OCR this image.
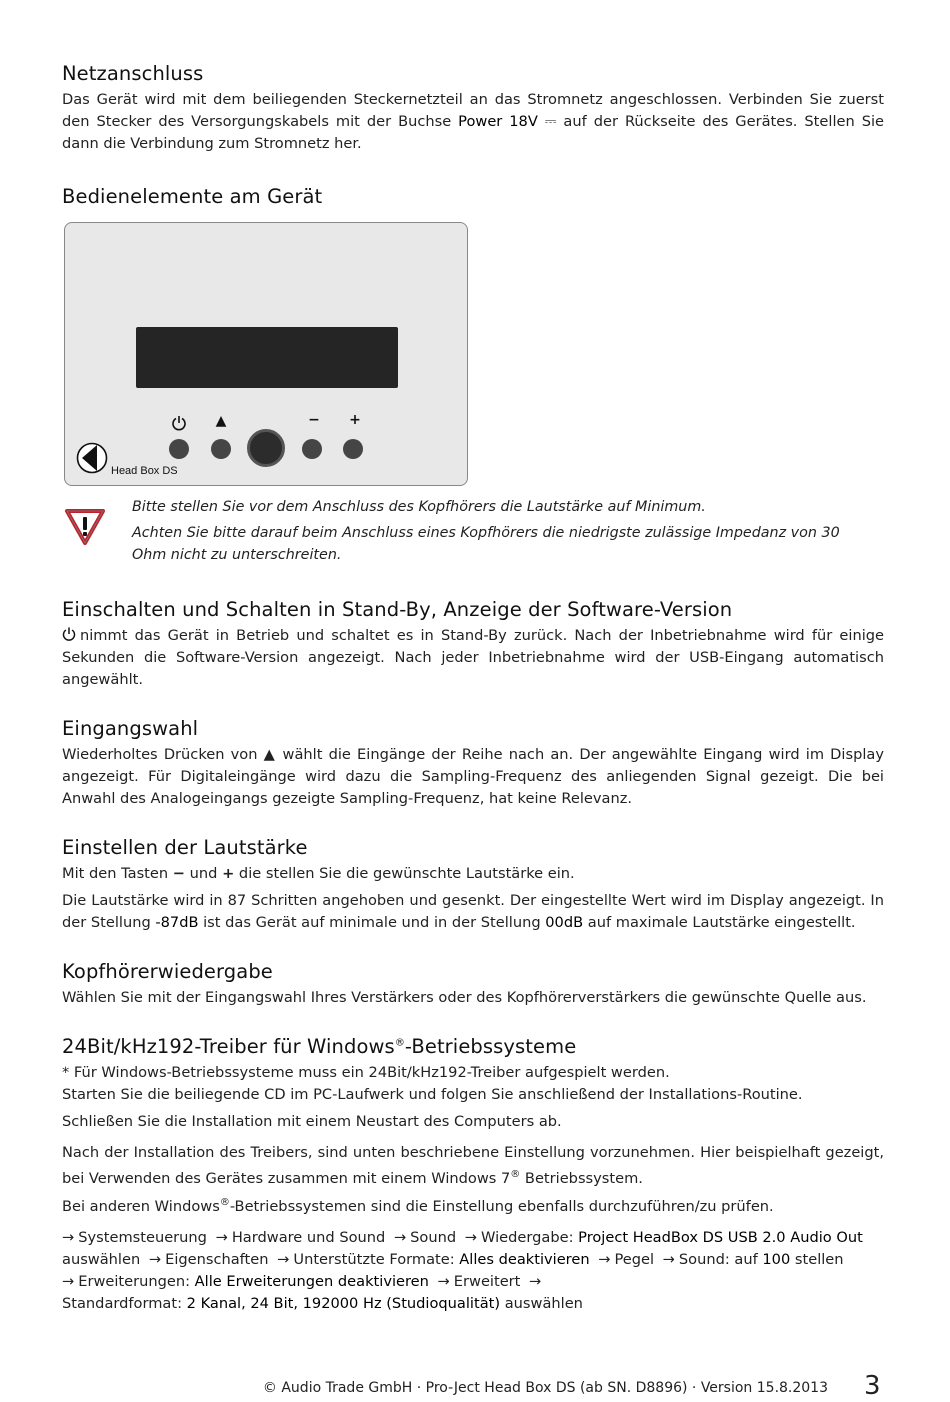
Netzanschluss

Das Gerät wird mit dem beiliegenden Steckernetzteil an das Stromnetz angeschlossen. Verbinden Sie zuerst den Stecker des Versorgungskabels mit der Buchse Power 18V ⎓ auf der Rückseite des Gerätes. Stellen Sie dann die Verbindung zum Stromnetz her.

Bedienelemente am Gerät
▲	− +
Head Box DS
Bitte stellen Sie vor dem Anschluss des Kopfhörers die Lautstärke auf Minimum.
Achten Sie bitte darauf beim Anschluss eines Kopfhörers die niedrigste zulässige Impedanz von 30 Ohm nicht zu unterschreiten.
Einschalten und Schalten in Stand-By, Anzeige der Software-Version

nimmt das Gerät in Betrieb und schaltet es in Stand-By zurück. Nach der Inbetriebnahme wird für einige Sekunden die Software-Version angezeigt. Nach jeder Inbetriebnahme wird der USB-Eingang automatisch angewählt.

Eingangswahl

Wiederholtes Drücken von ▲ wählt die Eingänge der Reihe nach an. Der angewählte Eingang wird im Display angezeigt. Für Digitaleingänge wird dazu die Sampling-Frequenz des anliegenden Signal gezeigt. Die bei Anwahl des Analogeingangs gezeigte Sampling-Frequenz, hat keine Relevanz.

Einstellen der Lautstärke

Mit den Tasten − und + die stellen Sie die gewünschte Lautstärke ein.

Die Lautstärke wird in 87 Schritten angehoben und gesenkt. Der eingestellte Wert wird im Display angezeigt. In der Stellung -87dB ist das Gerät auf minimale und in der Stellung 00dB auf maximale Lautstärke eingestellt.

Kopfhörerwiedergabe

Wählen Sie mit der Eingangswahl Ihres Verstärkers oder des Kopfhörerverstärkers die gewünschte Quelle aus.

24Bit/kHz192-Treiber für Windows®-Betriebssysteme

* Für Windows-Betriebssysteme muss ein 24Bit/kHz192-Treiber aufgespielt werden.

Starten Sie die beiliegende CD im PC-Laufwerk und folgen Sie anschließend der Installations-Routine.

Schließen Sie die Installation mit einem Neustart des Computers ab.

Nach der Installation des Treibers, sind unten beschriebene Einstellung vorzunehmen. Hier beispielhaft gezeigt, bei Verwenden des Gerätes zusammen mit einem Windows 7® Betriebssystem.

Bei anderen Windows®-Betriebssystemen sind die Einstellung ebenfalls durchzuführen/zu prüfen.

→ Systemsteuerung → Hardware und Sound → Sound → Wiedergabe: Project HeadBox DS USB 2.0 Audio Out
auswählen → Eigenschaften → Unterstützte Formate: Alles deaktivieren → Pegel → Sound: auf 100 stellen
→ Erweiterungen: Alle Erweiterungen deaktivieren → Erweitert →
Standardformat: 2 Kanal, 24 Bit, 192000 Hz (Studioqualität) auswählen

© Audio Trade GmbH · Pro-Ject Head Box DS (ab SN. D8896) · Version 15.8.2013 3
